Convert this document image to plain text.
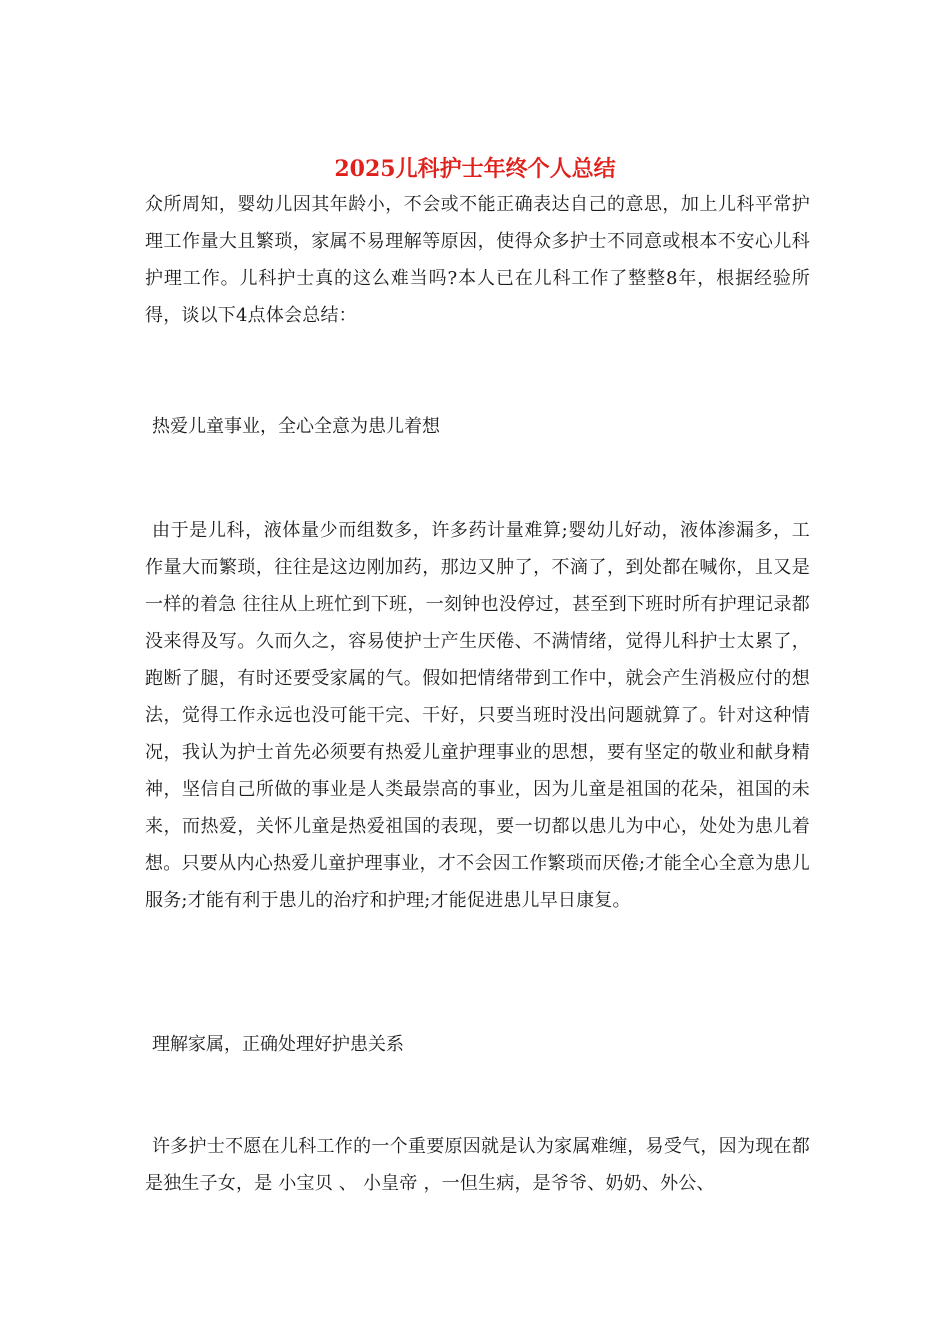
2025儿科护士年终个人总结

众所周知，婴幼儿因其年龄小，不会或不能正确表达自己的意思，加上儿科平常护理工作量大且繁琐，家属不易理解等原因，使得众多护士不同意或根本不安心儿科护理工作。儿科护士真的这么难当吗?本人已在儿科工作了整整8年，根据经验所得，谈以下4点体会总结：

热爱儿童事业，全心全意为患儿着想

由于是儿科，液体量少而组数多，许多药计量难算;婴幼儿好动，液体渗漏多，工作量大而繁琐，往往是这边刚加药，那边又肿了，不滴了，到处都在喊你，且又是一样的着急 往往从上班忙到下班，一刻钟也没停过，甚至到下班时所有护理记录都没来得及写。久而久之，容易使护士产生厌倦、不满情绪，觉得儿科护士太累了，跑断了腿，有时还要受家属的气。假如把情绪带到工作中，就会产生消极应付的想法，觉得工作永远也没可能干完、干好，只要当班时没出问题就算了。针对这种情况，我认为护士首先必须要有热爱儿童护理事业的思想，要有坚定的敬业和献身精神，坚信自己所做的事业是人类最崇高的事业，因为儿童是祖国的花朵，祖国的未来，而热爱，关怀儿童是热爱祖国的表现，要一切都以患儿为中心，处处为患儿着想。只要从内心热爱儿童护理事业，才不会因工作繁琐而厌倦;才能全心全意为患儿服务;才能有利于患儿的治疗和护理;才能促进患儿早日康复。

理解家属，正确处理好护患关系

许多护士不愿在儿科工作的一个重要原因就是认为家属难缠，易受气，因为现在都是独生子女，是 小宝贝 、 小皇帝 ，一但生病，是爷爷、奶奶、外公、
